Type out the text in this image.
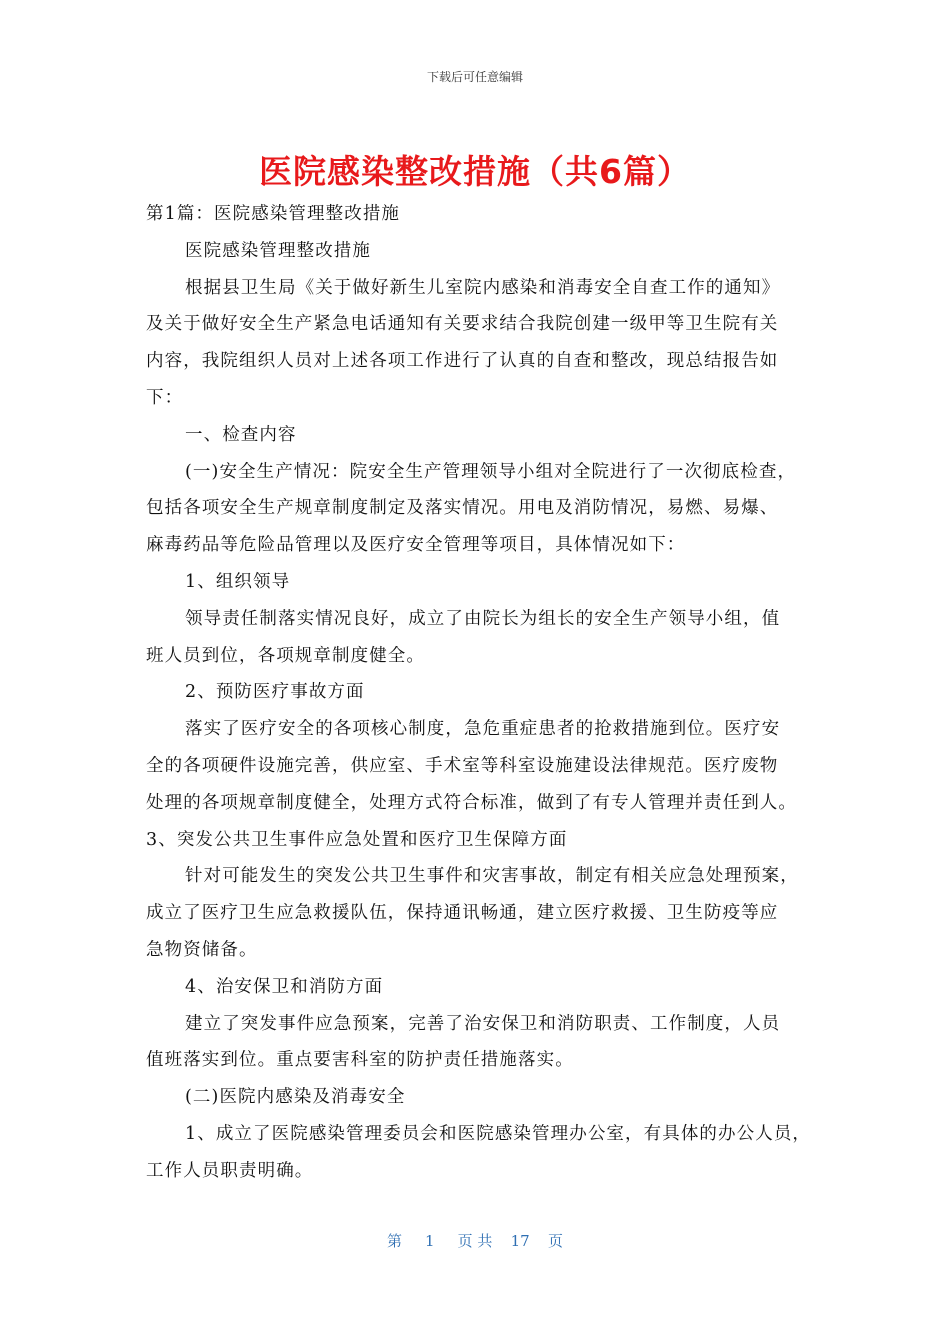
下载后可任意编辑
医院感染整改措施（共6篇）
第1篇：医院感染管理整改措施
医院感染管理整改措施
根据县卫生局《关于做好新生儿室院内感染和消毒安全自查工作的通知》
及关于做好安全生产紧急电话通知有关要求结合我院创建一级甲等卫生院有关
内容，我院组织人员对上述各项工作进行了认真的自查和整改，现总结报告如
下：
一、检查内容
(一)安全生产情况：院安全生产管理领导小组对全院进行了一次彻底检查，
包括各项安全生产规章制度制定及落实情况。用电及消防情况，易燃、易爆、
麻毒药品等危险品管理以及医疗安全管理等项目，具体情况如下：
1、组织领导
领导责任制落实情况良好，成立了由院长为组长的安全生产领导小组，值
班人员到位，各项规章制度健全。
2、预防医疗事故方面
落实了医疗安全的各项核心制度，急危重症患者的抢救措施到位。医疗安
全的各项硬件设施完善，供应室、手术室等科室设施建设法律规范。医疗废物
处理的各项规章制度健全，处理方式符合标准，做到了有专人管理并责任到人。
3、突发公共卫生事件应急处置和医疗卫生保障方面
针对可能发生的突发公共卫生事件和灾害事故，制定有相关应急处理预案，
成立了医疗卫生应急救援队伍，保持通讯畅通，建立医疗救援、卫生防疫等应
急物资储备。
4、治安保卫和消防方面
建立了突发事件应急预案，完善了治安保卫和消防职责、工作制度，人员
值班落实到位。重点要害科室的防护责任措施落实。
(二)医院内感染及消毒安全
1、成立了医院感染管理委员会和医院感染管理办公室，有具体的办公人员，
工作人员职责明确。
第 1 页 共 17 页
